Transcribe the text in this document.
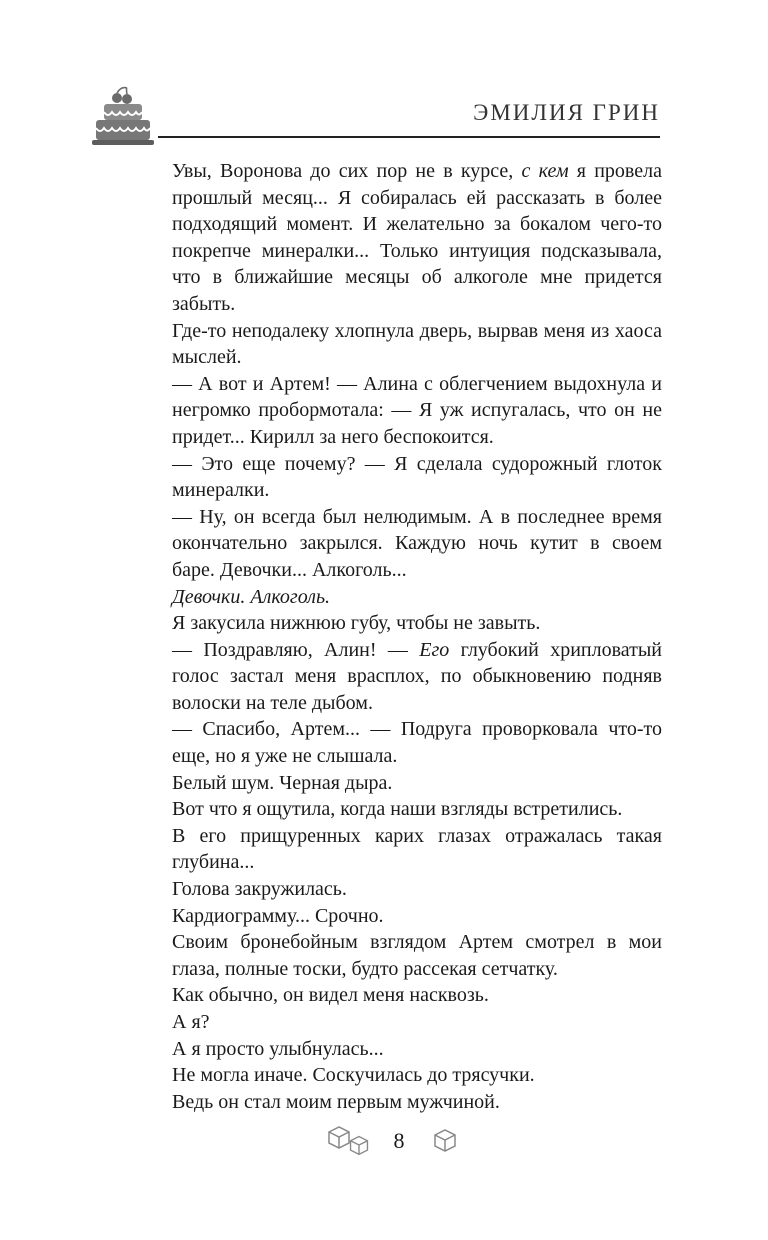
ЭМИЛИЯ ГРИН

Увы, Воронова до сих пор не в курсе, с кем я провела прошлый месяц... Я собиралась ей рассказать в более подходящий момент. И желательно за бокалом чего-то покрепче минералки... Только интуиция подсказывала, что в ближайшие месяцы об алкоголе мне придется забыть.

Где-то неподалеку хлопнула дверь, вырвав меня из хаоса мыслей.

— А вот и Артем! — Алина с облегчением выдохнула и негромко пробормотала: — Я уж испугалась, что он не придет... Кирилл за него беспокоится.

— Это еще почему? — Я сделала судорожный глоток минералки.

— Ну, он всегда был нелюдимым. А в последнее время окончательно закрылся. Каждую ночь кутит в своем баре. Девочки... Алкоголь...

Девочки. Алкоголь.

Я закусила нижнюю губу, чтобы не завыть.

— Поздравляю, Алин! — Его глубокий хрипловатый голос застал меня врасплох, по обыкновению подняв волоски на теле дыбом.

— Спасибо, Артем... — Подруга проворковала что-то еще, но я уже не слышала.

Белый шум. Черная дыра.

Вот что я ощутила, когда наши взгляды встретились.

В его прищуренных карих глазах отражалась такая глубина...

Голова закружилась.

Кардиограмму... Срочно.

Своим бронебойным взглядом Артем смотрел в мои глаза, полные тоски, будто рассекая сетчатку.

Как обычно, он видел меня насквозь.

А я?

А я просто улыбнулась...

Не могла иначе. Соскучилась до трясучки.

Ведь он стал моим первым мужчиной.

8
